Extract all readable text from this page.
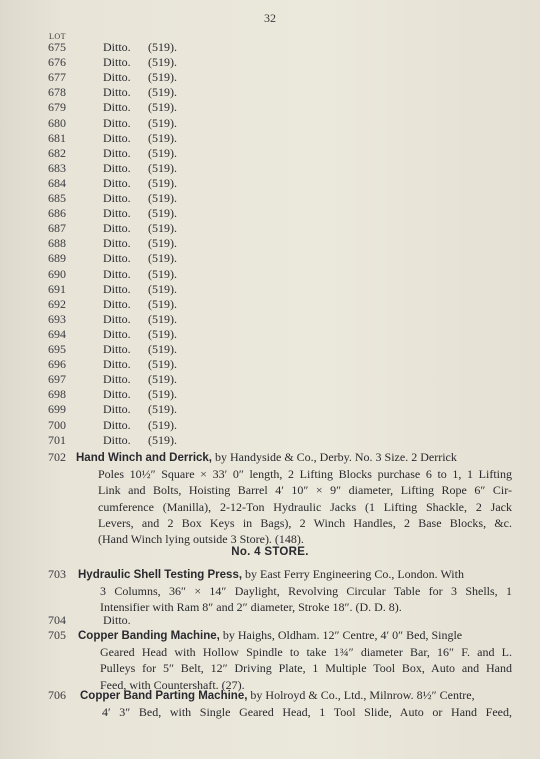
32
LOT
675	Ditto. (519).
676	Ditto. (519).
677	Ditto. (519).
678	Ditto. (519).
679	Ditto. (519).
680	Ditto. (519).
681	Ditto. (519).
682	Ditto. (519).
683	Ditto. (519).
684	Ditto. (519).
685	Ditto. (519).
686	Ditto. (519).
687	Ditto. (519).
688	Ditto. (519).
689	Ditto. (519).
690	Ditto. (519).
691	Ditto. (519).
692	Ditto. (519).
693	Ditto. (519).
694	Ditto. (519).
695	Ditto. (519).
696	Ditto. (519).
697	Ditto. (519).
698	Ditto. (519).
699	Ditto. (519).
700	Ditto. (519).
701	Ditto. (519).
702 Hand Winch and Derrick, by Handyside & Co., Derby. No. 3 Size. 2 Derrick
Poles 10½″ Square × 33′ 0″ length, 2 Lifting Blocks purchase 6 to 1, 1 Lifting
Link and Bolts, Hoisting Barrel 4′ 10″ × 9″ diameter, Lifting Rope 6″ Cir-
cumference (Manilla), 2-12-Ton Hydraulic Jacks (1 Lifting Shackle, 2 Jack
Levers, and 2 Box Keys in Bags), 2 Winch Handles, 2 Base Blocks, &c.
(Hand Winch lying outside 3 Store). (148).
No. 4 STORE.
703 Hydraulic Shell Testing Press, by East Ferry Engineering Co., London. With
3 Columns, 36″ × 14″ Daylight, Revolving Circular Table for 3 Shells, 1
Intensifier with Ram 8″ and 2″ diameter, Stroke 18″. (D. D. 8).
704	Ditto.
705 Copper Banding Machine, by Haighs, Oldham. 12″ Centre, 4′ 0″ Bed, Single
Geared Head with Hollow Spindle to take 1¾″ diameter Bar, 16″ F. and L.
Pulleys for 5″ Belt, 12″ Driving Plate, 1 Multiple Tool Box, Auto and Hand
Feed, with Countershaft. (27).
706 Copper Band Parting Machine, by Holroyd & Co., Ltd., Milnrow. 8½″ Centre,
4′ 3″ Bed, with Single Geared Head, 1 Tool Slide, Auto or Hand Feed,
